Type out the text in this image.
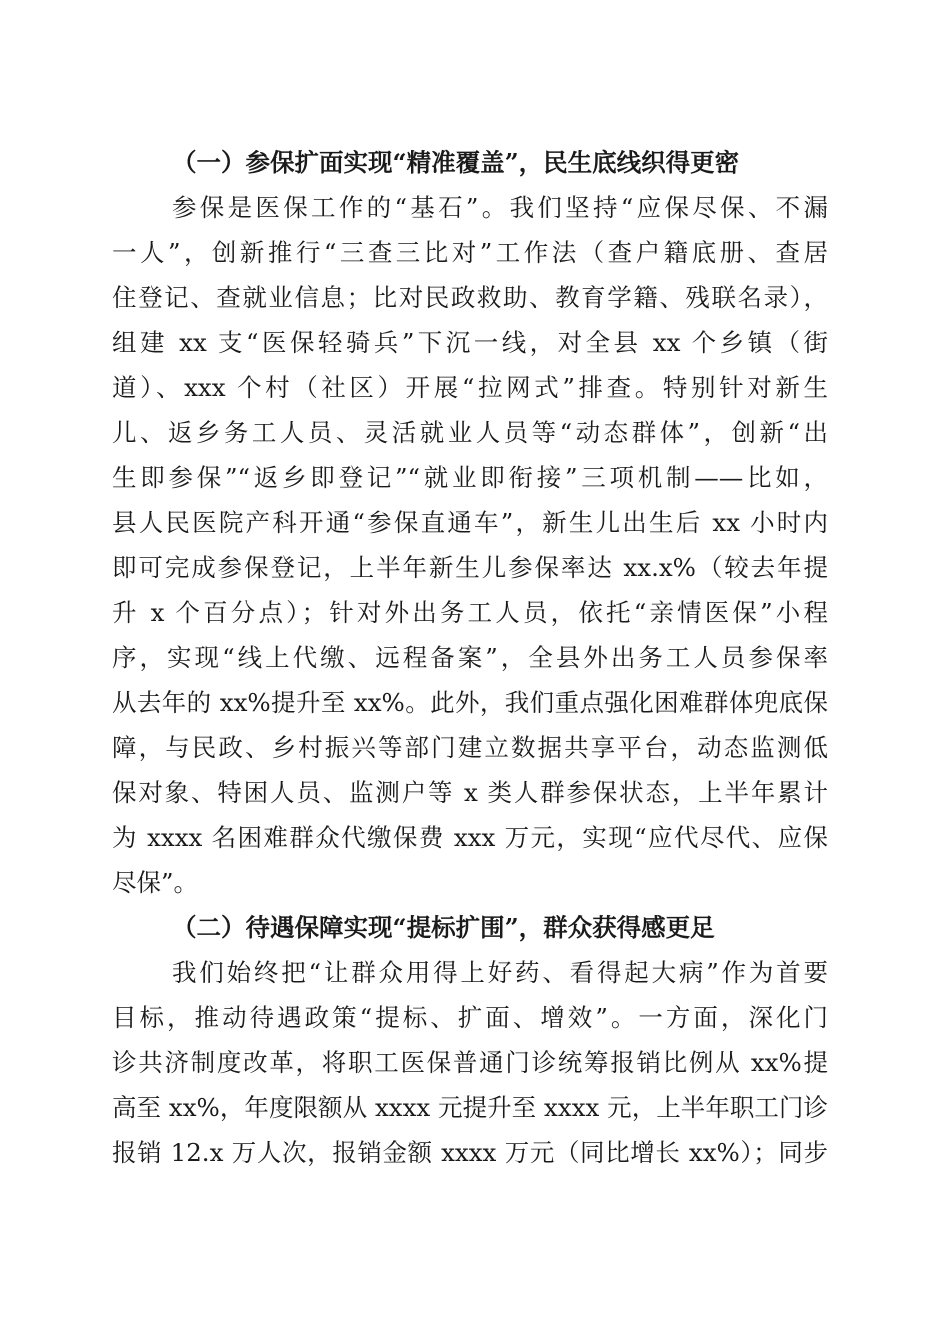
（一）参保扩面实现“精准覆盖”，民生底线织得更密
参保是医保工作的“基石”。我们坚持“应保尽保、不漏
一人”，创新推行“三查三比对”工作法（查户籍底册、查居
住登记、查就业信息；比对民政救助、教育学籍、残联名录），
组建 xx 支“医保轻骑兵”下沉一线，对全县 xx 个乡镇（街
道）、xxx 个村（社区）开展“拉网式”排查。特别针对新生
儿、返乡务工人员、灵活就业人员等“动态群体”，创新“出
生即参保”“返乡即登记”“就业即衔接”三项机制——比如，
县人民医院产科开通“参保直通车”，新生儿出生后 xx 小时内
即可完成参保登记，上半年新生儿参保率达 xx.x%（较去年提
升 x 个百分点）；针对外出务工人员，依托“亲情医保”小程
序，实现“线上代缴、远程备案”，全县外出务工人员参保率
从去年的 xx%提升至 xx%。此外，我们重点强化困难群体兜底保
障，与民政、乡村振兴等部门建立数据共享平台，动态监测低
保对象、特困人员、监测户等 x 类人群参保状态，上半年累计
为 xxxx 名困难群众代缴保费 xxx 万元，实现“应代尽代、应保
尽保”。
（二）待遇保障实现“提标扩围”，群众获得感更足
我们始终把“让群众用得上好药、看得起大病”作为首要
目标，推动待遇政策“提标、扩面、增效”。一方面，深化门
诊共济制度改革，将职工医保普通门诊统筹报销比例从 xx%提
高至 xx%，年度限额从 xxxx 元提升至 xxxx 元，上半年职工门诊
报销 12.x 万人次，报销金额 xxxx 万元（同比增长 xx%）；同步
